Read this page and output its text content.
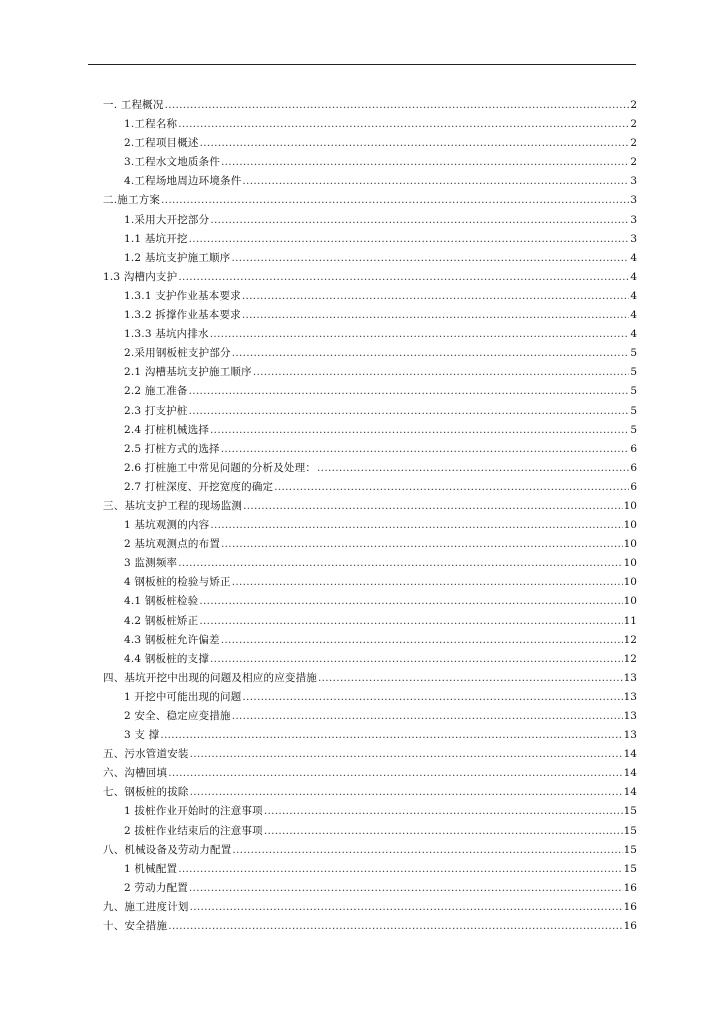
一. 工程概况 .....	2
1.工程名称 .....	2
2.工程项目概述 .....	2
3.工程水文地质条件 .....	2
4.工程场地周边环境条件 .....	3
二.施工方案 .....	3
1.采用大开挖部分 .....	3
1.1 基坑开挖 .....	3
1.2 基坑支护施工顺序 .....	4
1.3 沟槽内支护 .....	4
1.3.1 支护作业基本要求 .....	4
1.3.2 拆撑作业基本要求 .....	4
1.3.3 基坑内排水 .....	4
2.采用钢板桩支护部分 .....	5
2.1 沟槽基坑支护施工顺序 .....	5
2.2 施工准备 .....	5
2.3 打支护桩 .....	5
2.4 打桩机械选择 .....	5
2.5 打桩方式的选择 .....	6
2.6 打桩施工中常见问题的分析及处理： .....	6
2.7 打桩深度、开挖宽度的确定 .....	6
三、基坑支护工程的现场监测 .....	10
1 基坑观测的内容 .....	10
2 基坑观测点的布置 .....	10
3 监测频率 .....	10
4 钢板桩的检验与矫正 .....	10
4.1 钢板桩检验 .....	10
4.2 钢板桩矫正 .....	11
4.3 钢板桩允许偏差 .....	12
4.4 钢板桩的支撑 .....	12
四、基坑开挖中出现的问题及相应的应变措施 .....	13
1 开挖中可能出现的问题 .....	13
2 安全、稳定应变措施 .....	13
3 支 撑 .....	13
五、污水管道安装 .....	14
六、沟槽回填 .....	14
七、钢板桩的拔除 .....	14
1 拔桩作业开始时的注意事项 .....	15
2 拔桩作业结束后的注意事项 .....	15
八、机械设备及劳动力配置 .....	15
1 机械配置 .....	15
2 劳动力配置 .....	16
九、施工进度计划 .....	16
十、安全措施 .....	16
